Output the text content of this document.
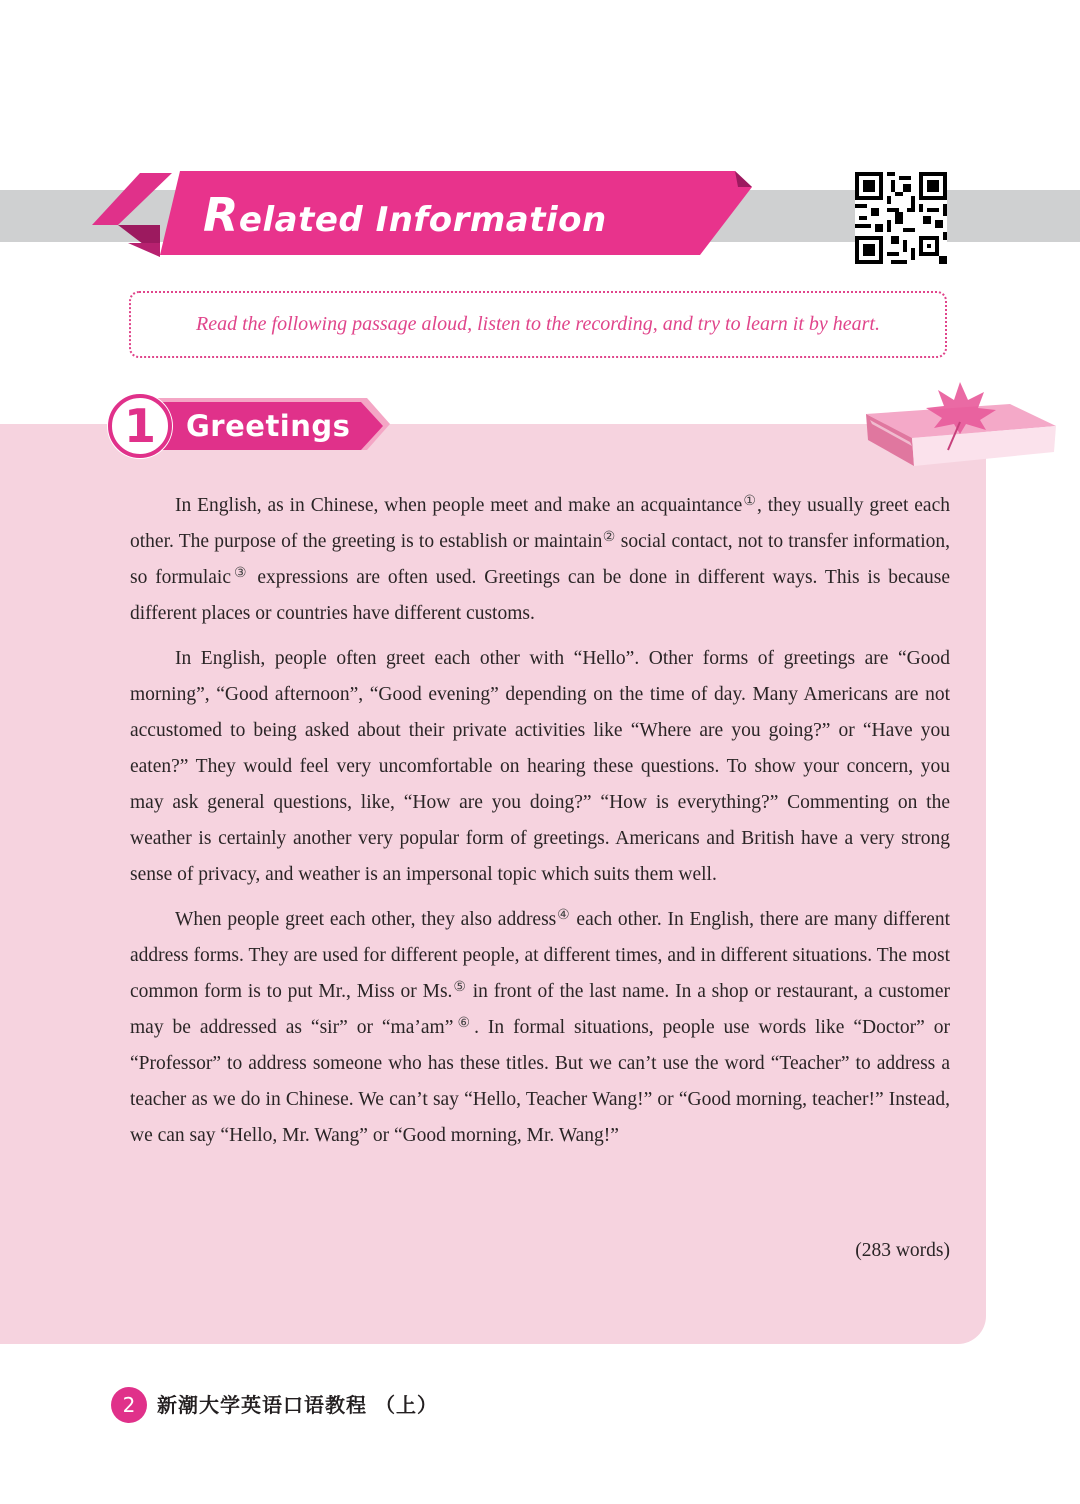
Related Information
Read the following passage aloud, listen to the recording, and try to learn it by heart.
1	Greetings

In English, as in Chinese, when people meet and make an acquaintance①, they usually greet each other. The purpose of the greeting is to establish or maintain② social contact, not to transfer information, so formulaic③ expressions are often used. Greetings can be done in different ways. This is because different places or countries have different customs.

In English, people often greet each other with “Hello”. Other forms of greetings are “Good morning”, “Good afternoon”, “Good evening” depending on the time of day. Many Americans are not accustomed to being asked about their private activities like “Where are you going?” or “Have you eaten?” They would feel very uncomfortable on hearing these questions. To show your concern, you may ask general questions, like, “How are you doing?” “How is everything?” Commenting on the weather is certainly another very popular form of greetings. Americans and British have a very strong sense of privacy, and weather is an impersonal topic which suits them well.

When people greet each other, they also address④ each other. In English, there are many different address forms. They are used for different people, at different times, and in different situations. The most common form is to put Mr., Miss or Ms.⑤ in front of the last name. In a shop or restaurant, a customer may be addressed as “sir” or “ma’am”⑥. In formal situations, people use words like “Doctor” or “Professor” to address someone who has these titles. But we can’t use the word “Teacher” to address a teacher as we do in Chinese. We can’t say “Hello, Teacher Wang!” or “Good morning, teacher!” Instead, we can say “Hello, Mr. Wang” or “Good morning, Mr. Wang!”

(283 words)
2	新潮大学英语口语教程 （上）
